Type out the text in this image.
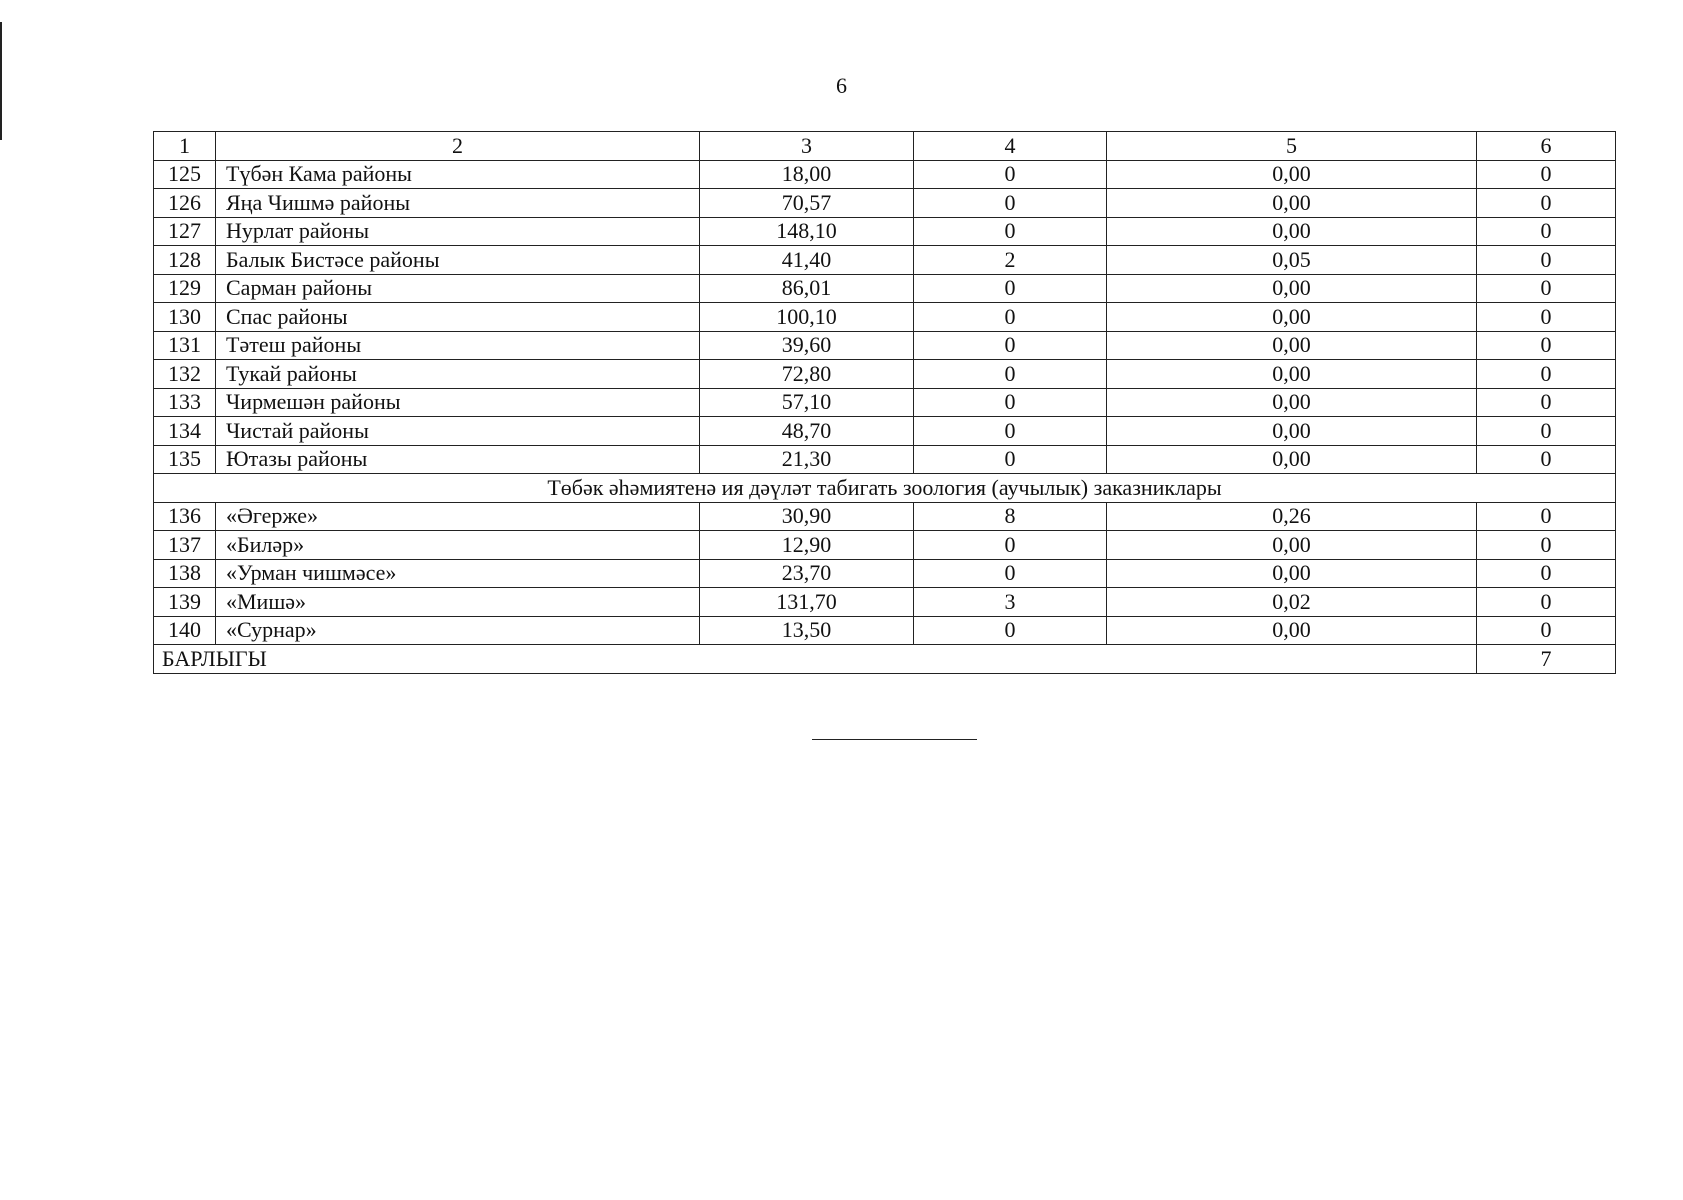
6
1	2	3	4	5	6
125	Түбән Кама районы	18,00	0	0,00	0
126	Яңа Чишмә районы	70,57	0	0,00	0
127	Нурлат районы	148,10	0	0,00	0
128	Балык Бистәсе районы	41,40	2	0,05	0
129	Сарман районы	86,01	0	0,00	0
130	Спас районы	100,10	0	0,00	0
131	Тәтеш районы	39,60	0	0,00	0
132	Тукай районы	72,80	0	0,00	0
133	Чирмешән районы	57,10	0	0,00	0
134	Чистай районы	48,70	0	0,00	0
135	Ютазы районы	21,30	0	0,00	0
Төбәк әһәмиятенә ия дәүләт табигать зоология (аучылык) заказниклары					
136	«Әгерже»	30,90	8	0,26	0
137	«Биләр»	12,90	0	0,00	0
138	«Урман чишмәсе»	23,70	0	0,00	0
139	«Мишә»	131,70	3	0,02	0
140	«Сурнар»	13,50	0	0,00	0
БАРЛЫГЫ					7
